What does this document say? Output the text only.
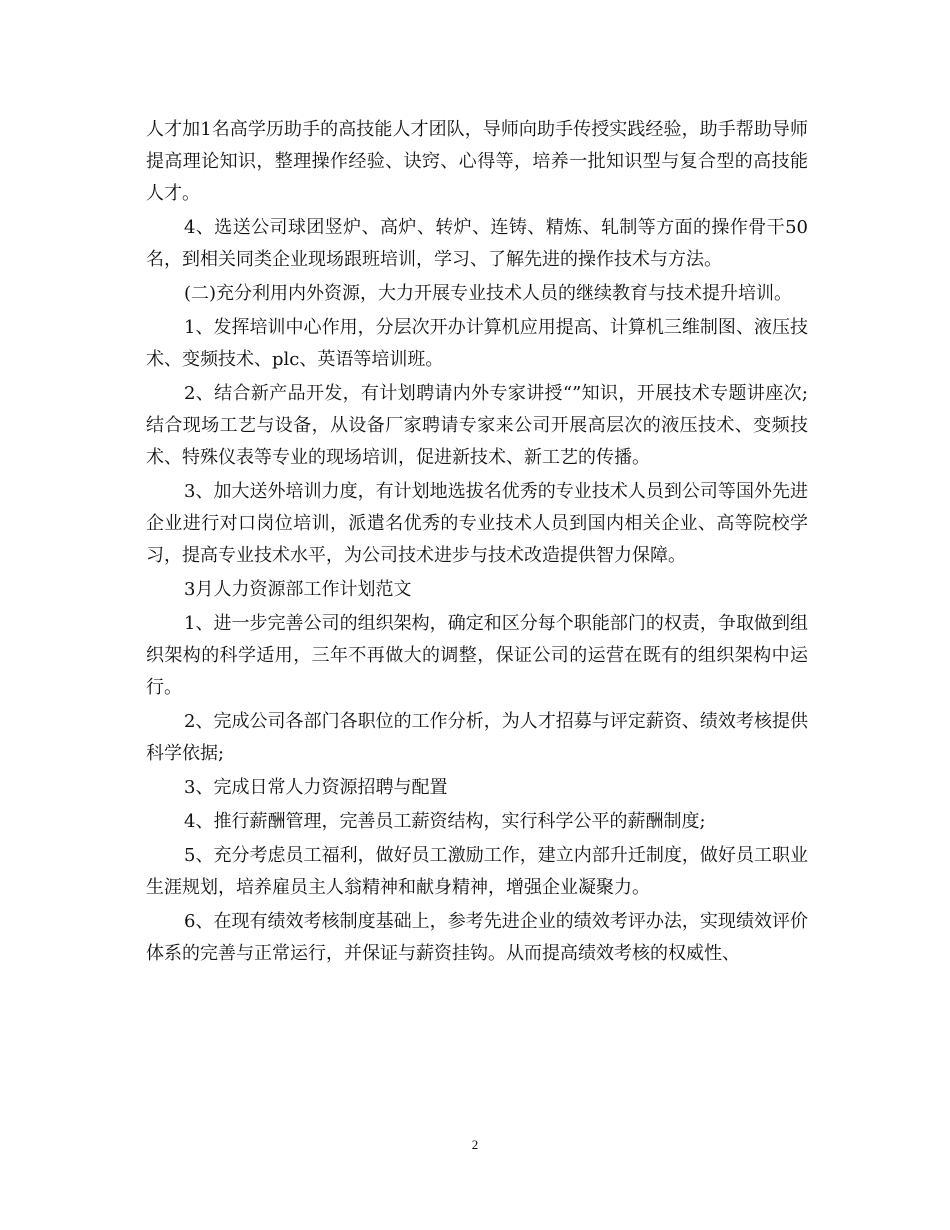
人才加1名高学历助手的高技能人才团队，导师向助手传授实践经验，助手帮助导师提高理论知识，整理操作经验、诀窍、心得等，培养一批知识型与复合型的高技能人才。

4、选送公司球团竖炉、高炉、转炉、连铸、精炼、轧制等方面的操作骨干50名，到相关同类企业现场跟班培训，学习、了解先进的操作技术与方法。

(二)充分利用内外资源，大力开展专业技术人员的继续教育与技术提升培训。

1、发挥培训中心作用，分层次开办计算机应用提高、计算机三维制图、液压技术、变频技术、plc、英语等培训班。

2、结合新产品开发，有计划聘请内外专家讲授“”知识，开展技术专题讲座次;结合现场工艺与设备，从设备厂家聘请专家来公司开展高层次的液压技术、变频技术、特殊仪表等专业的现场培训，促进新技术、新工艺的传播。

3、加大送外培训力度，有计划地选拔名优秀的专业技术人员到公司等国外先进企业进行对口岗位培训，派遣名优秀的专业技术人员到国内相关企业、高等院校学习，提高专业技术水平，为公司技术进步与技术改造提供智力保障。

3月人力资源部工作计划范文

1、进一步完善公司的组织架构，确定和区分每个职能部门的权责，争取做到组织架构的科学适用，三年不再做大的调整，保证公司的运营在既有的组织架构中运行。

2、完成公司各部门各职位的工作分析，为人才招募与评定薪资、绩效考核提供科学依据;

3、完成日常人力资源招聘与配置

4、推行薪酬管理，完善员工薪资结构，实行科学公平的薪酬制度;

5、充分考虑员工福利，做好员工激励工作，建立内部升迁制度，做好员工职业生涯规划，培养雇员主人翁精神和献身精神，增强企业凝聚力。

6、在现有绩效考核制度基础上，参考先进企业的绩效考评办法，实现绩效评价体系的完善与正常运行，并保证与薪资挂钩。从而提高绩效考核的权威性、

2
